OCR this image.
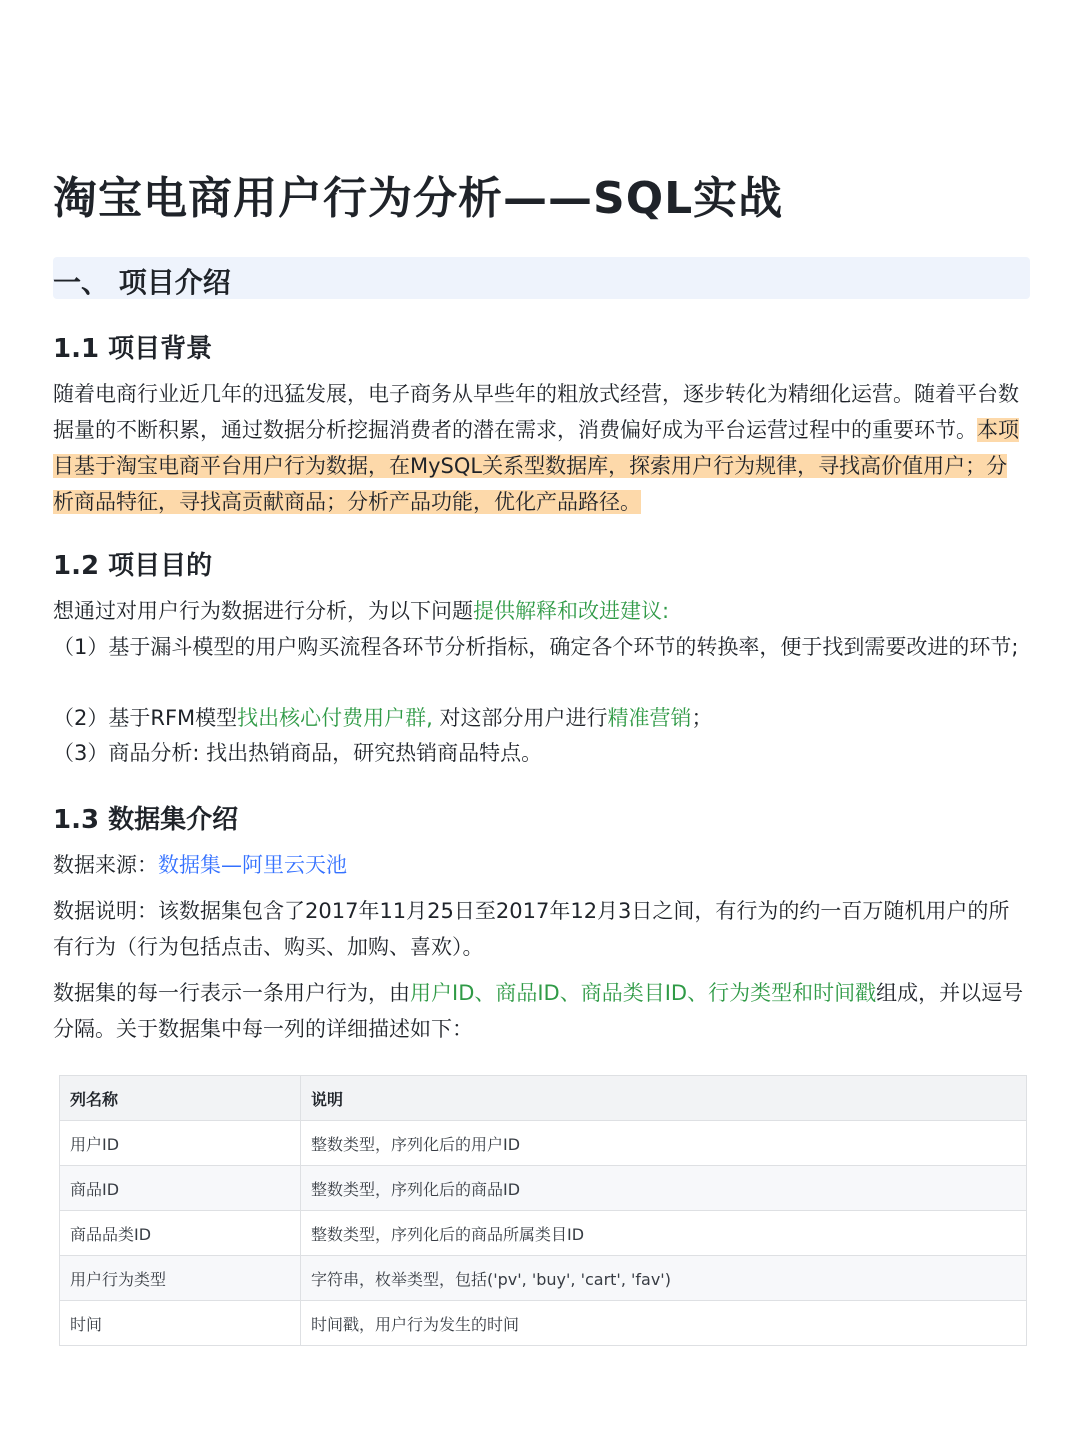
淘宝电商用户行为分析——SQL实战
一、 项目介绍
1.1 项目背景

随着电商行业近几年的迅猛发展，电子商务从早些年的粗放式经营，逐步转化为精细化运营。随着平台数据量的不断积累，通过数据分析挖掘消费者的潜在需求，消费偏好成为平台运营过程中的重要环节。本项目基于淘宝电商平台用户行为数据，在MySQL关系型数据库，探索用户行为规律，寻找高价值用户；分析商品特征，寻找高贡献商品；分析产品功能，优化产品路径。

1.2 项目目的

想通过对用户行为数据进行分析，为以下问题提供解释和改进建议:

（1）基于漏斗模型的用户购买流程各环节分析指标，确定各个环节的转换率，便于找到需要改进的环节;

（2）基于RFM模型找出核心付费用户群, 对这部分用户进行精准营销；

（3）商品分析: 找出热销商品，研究热销商品特点。

1.3 数据集介绍

数据来源：数据集—阿里云天池

数据说明：该数据集包含了2017年11月25日至2017年12月3日之间，有行为的约一百万随机用户的所有行为（行为包括点击、购买、加购、喜欢）。

数据集的每一行表示一条用户行为，由用户ID、商品ID、商品类目ID、行为类型和时间戳组成，并以逗号分隔。关于数据集中每一列的详细描述如下：

列名称	说明
用户ID	整数类型，序列化后的用户ID
商品ID	整数类型，序列化后的商品ID
商品品类ID	整数类型，序列化后的商品所属类目ID
用户行为类型	字符串，枚举类型，包括('pv', 'buy', 'cart', 'fav')
时间	时间戳，用户行为发生的时间
